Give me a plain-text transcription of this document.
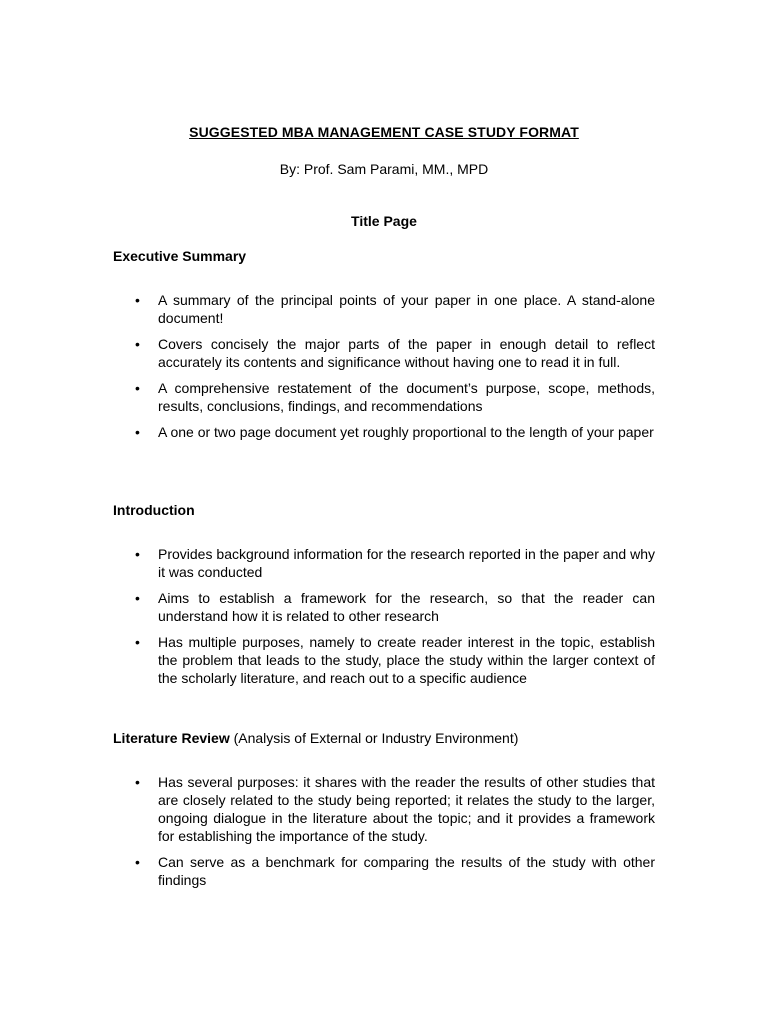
SUGGESTED MBA MANAGEMENT CASE STUDY FORMAT
By: Prof. Sam Parami, MM., MPD
Title Page

Executive Summary

• A summary of the principal points of your paper in one place. A stand-alone document!
• Covers concisely the major parts of the paper in enough detail to reflect accurately its contents and significance without having one to read it in full.
• A comprehensive restatement of the document’s purpose, scope, methods, results, conclusions, findings, and recommendations
• A one or two page document yet roughly proportional to the length of your paper

Introduction

• Provides background information for the research reported in the paper and why it was conducted
• Aims to establish a framework for the research, so that the reader can understand how it is related to other research
• Has multiple purposes, namely to create reader interest in the topic, establish the problem that leads to the study, place the study within the larger context of the scholarly literature, and reach out to a specific audience

Literature Review (Analysis of External or Industry Environment)

• Has several purposes: it shares with the reader the results of other studies that are closely related to the study being reported; it relates the study to the larger, ongoing dialogue in the literature about the topic; and it provides a framework for establishing the importance of the study.
• Can serve as a benchmark for comparing the results of the study with other findings
